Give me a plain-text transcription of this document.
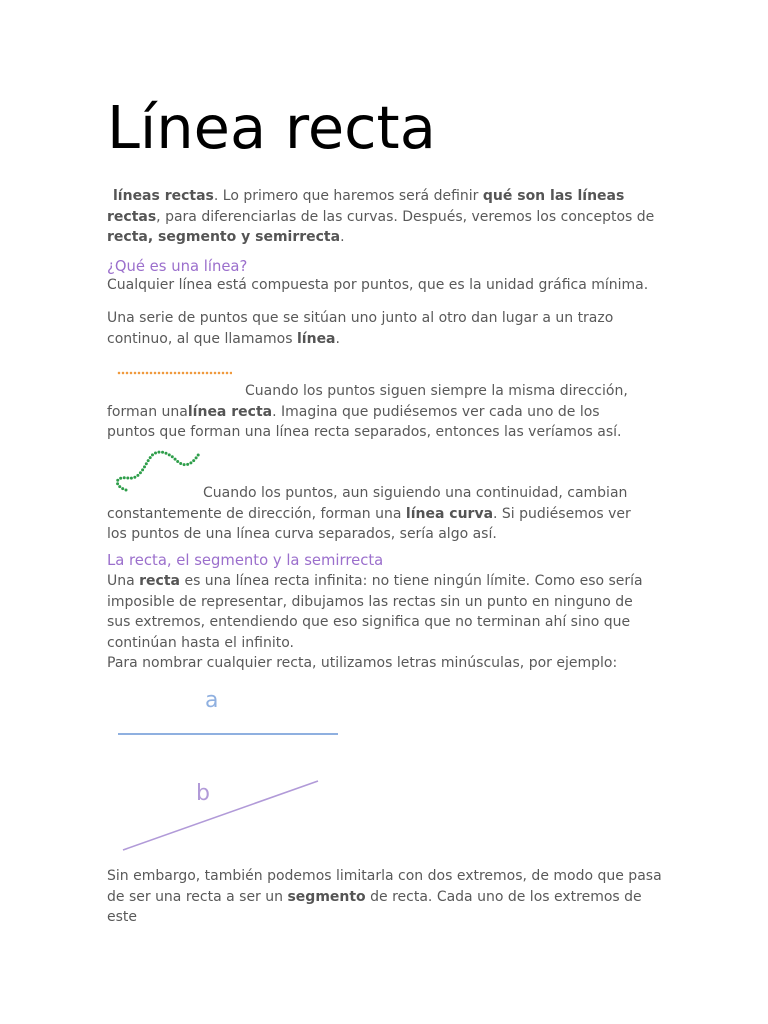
Línea recta

líneas rectas. Lo primero que haremos será definir qué son las líneas rectas, para diferenciarlas de las curvas. Después, veremos los conceptos de recta, segmento y semirrecta.

¿Qué es una línea?

Cualquier línea está compuesta por puntos, que es la unidad gráfica mínima.

Una serie de puntos que se sitúan uno junto al otro dan lugar a un trazo continuo, al que llamamos línea.

Cuando los puntos siguen siempre la misma dirección, forman unalínea recta. Imagina que pudiésemos ver cada uno de los puntos que forman una línea recta separados, entonces las veríamos así.

Cuando los puntos, aun siguiendo una continuidad, cambian constantemente de dirección, forman una línea curva. Si pudiésemos ver los puntos de una línea curva separados, sería algo así.

La recta, el segmento y la semirrecta

Una recta es una línea recta infinita: no tiene ningún límite. Como eso sería imposible de representar, dibujamos las rectas sin un punto en ninguno de sus extremos, entendiendo que eso significa que no terminan ahí sino que continúan hasta el infinito.

Para nombrar cualquier recta, utilizamos letras minúsculas, por ejemplo:

a
b

Sin embargo, también podemos limitarla con dos extremos, de modo que pasa de ser una recta a ser un segmento de recta. Cada uno de los extremos de este
